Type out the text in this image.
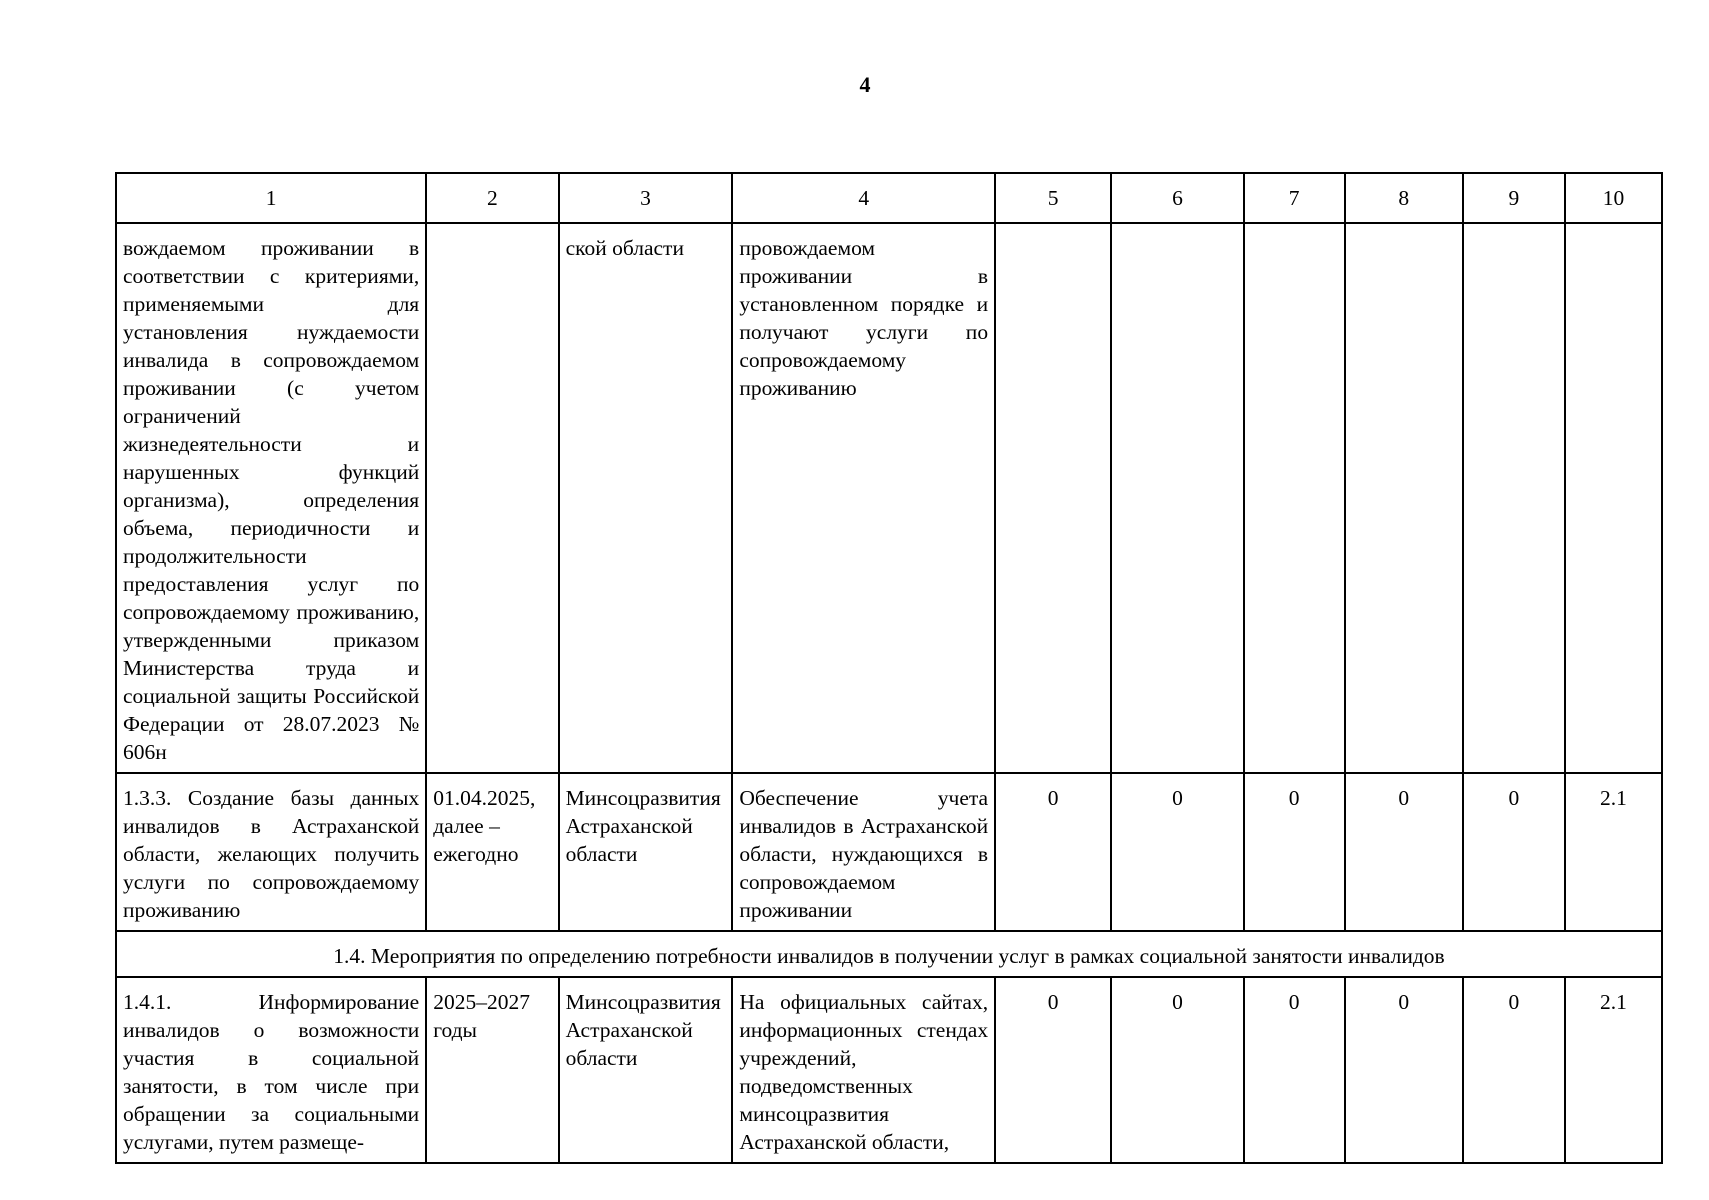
4
1	2	3	4	5	6	7	8	9	10
вождаемом проживании в соответствии с критериями, применяемыми для установления нуждаемости инвалида в сопровождаемом проживании (с учетом ограничений жизнедеятельности и нарушенных функций организма), определения объема, периодичности и продолжительности предоставления услуг по сопровождаемому проживанию, утвержденными приказом Министерства труда и социальной защиты Российской Федерации от 28.07.2023 № 606н		ской области	провождаемом проживании в установленном порядке и получают услуги по сопровождаемому проживанию						
1.3.3. Создание базы данных инвалидов в Астраханской области, желающих получить услуги по сопровождаемому проживанию	01.04.2025, далее – ежегодно	Минсоцразвития Астраханской области	Обеспечение учета инвалидов в Астраханской области, нуждающихся в сопровождаемом проживании	0	0	0	0	0	2.1
1.4. Мероприятия по определению потребности инвалидов в получении услуг в рамках социальной занятости инвалидов									
1.4.1. Информирование инвалидов о возможности участия в социальной занятости, в том числе при обращении за социальными услугами, путем размеще-	2025–2027 годы	Минсоцразвития Астраханской области	На официальных сайтах, информационных стендах учреждений, подведомственных минсоцразвития Астраханской области,	0	0	0	0	0	2.1
